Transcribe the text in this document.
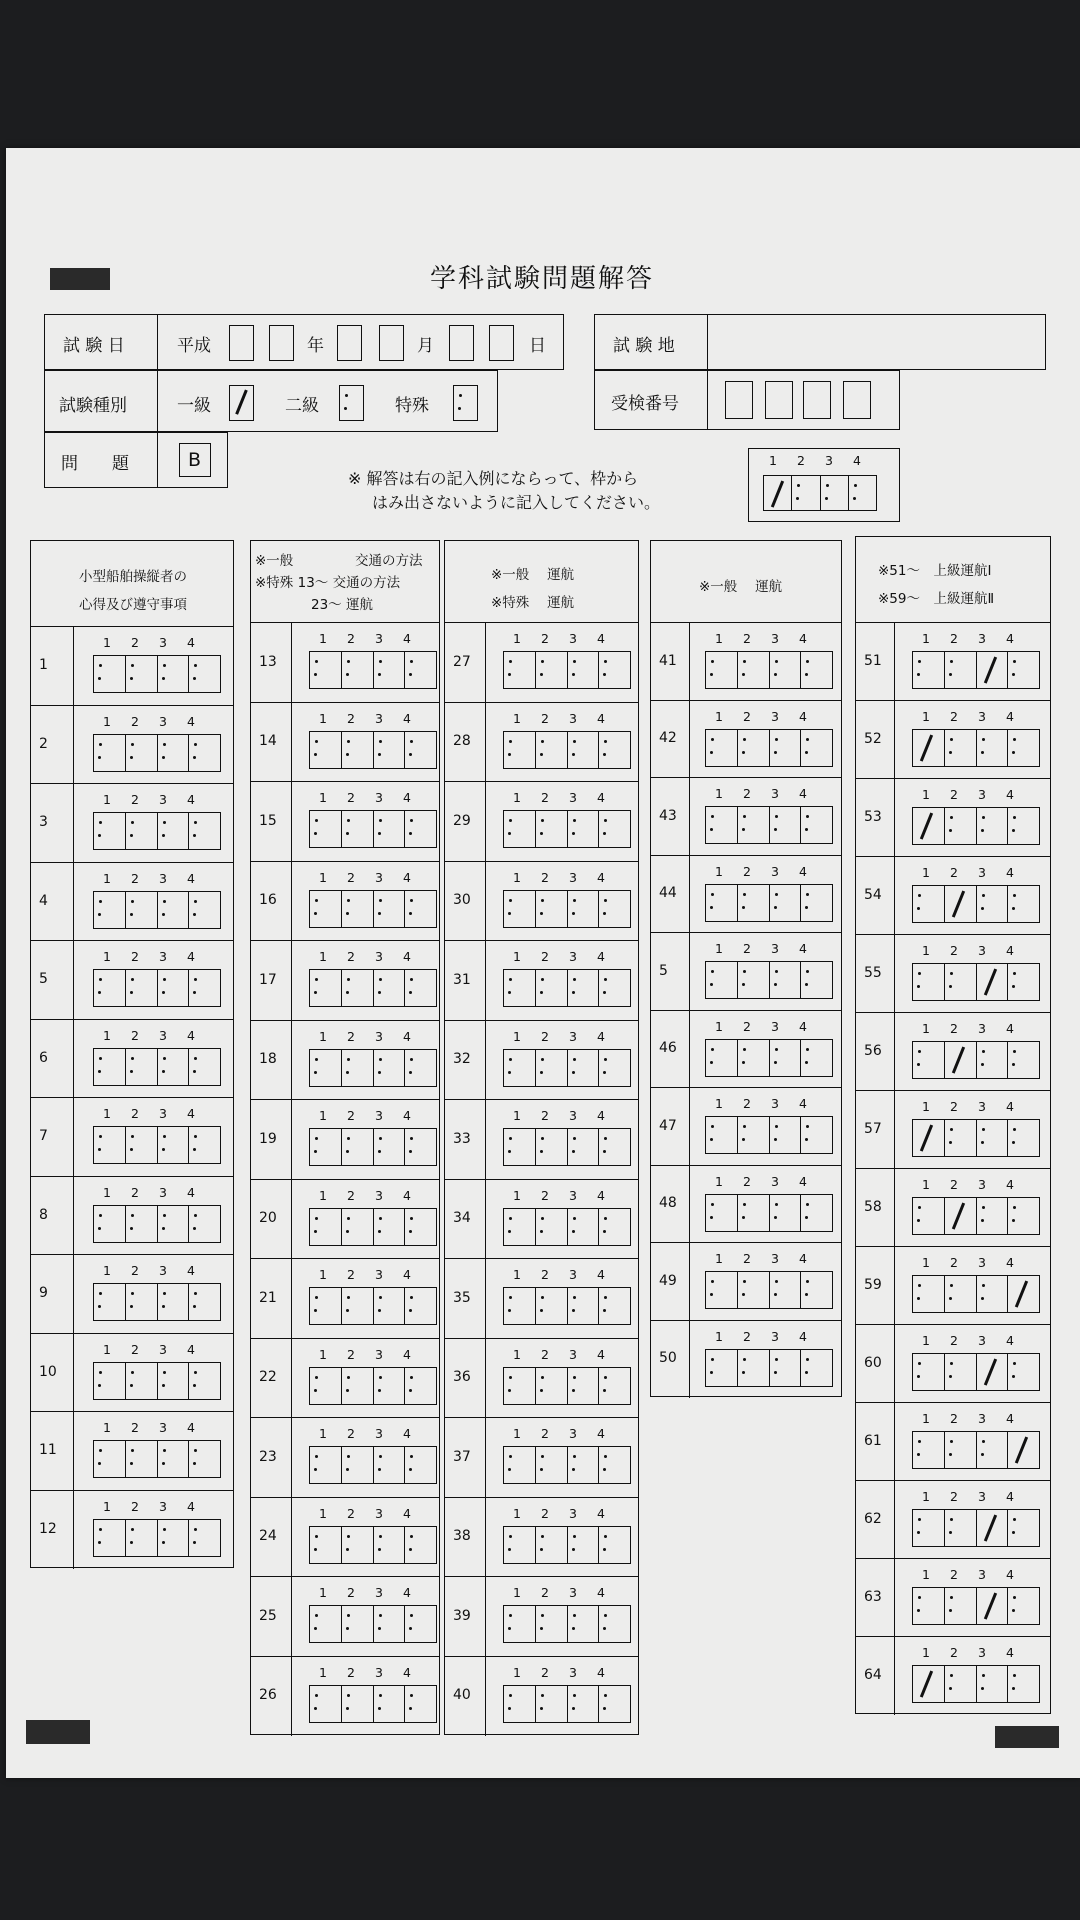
学科試験問題解答
試 験 日	平成	年	月	日
試験種別	一級	二級	特殊
問　　題	B
試 験 地
受検番号
※ 解答は右の記入例にならって、枠から
はみ出さないように記入してください。
1 2 3 4
小型船舶操縦者の
心得及び遵守事項
1
1 2 3 4
2
1 2 3 4
3
1 2 3 4
4
1 2 3 4
5
1 2 3 4
6
1 2 3 4
7
1 2 3 4
8
1 2 3 4
9
1 2 3 4
10
1 2 3 4
11
1 2 3 4
12
1 2 3 4
※一般	交通の方法
※特殊 13～ 交通の方法
23～ 運航
13
1 2 3 4
14
1 2 3 4
15
1 2 3 4
16
1 2 3 4
17
1 2 3 4
18
1 2 3 4
19
1 2 3 4
20
1 2 3 4
21
1 2 3 4
22
1 2 3 4
23
1 2 3 4
24
1 2 3 4
25
1 2 3 4
26
1 2 3 4
※一般　 運航
※特殊　 運航
27
1 2 3 4
28
1 2 3 4
29
1 2 3 4
30
1 2 3 4
31
1 2 3 4
32
1 2 3 4
33
1 2 3 4
34
1 2 3 4
35
1 2 3 4
36
1 2 3 4
37
1 2 3 4
38
1 2 3 4
39
1 2 3 4
40
1 2 3 4
※一般　 運航
41
1 2 3 4
42
1 2 3 4
43
1 2 3 4
44
1 2 3 4
5
1 2 3 4
46
1 2 3 4
47
1 2 3 4
48
1 2 3 4
49
1 2 3 4
50
1 2 3 4
※51～　上級運航Ⅰ
※59～　上級運航Ⅱ
51
1 2 3 4
52
1 2 3 4
53
1 2 3 4
54
1 2 3 4
55
1 2 3 4
56
1 2 3 4
57
1 2 3 4
58
1 2 3 4
59
1 2 3 4
60
1 2 3 4
61
1 2 3 4
62
1 2 3 4
63
1 2 3 4
64
1 2 3 4
